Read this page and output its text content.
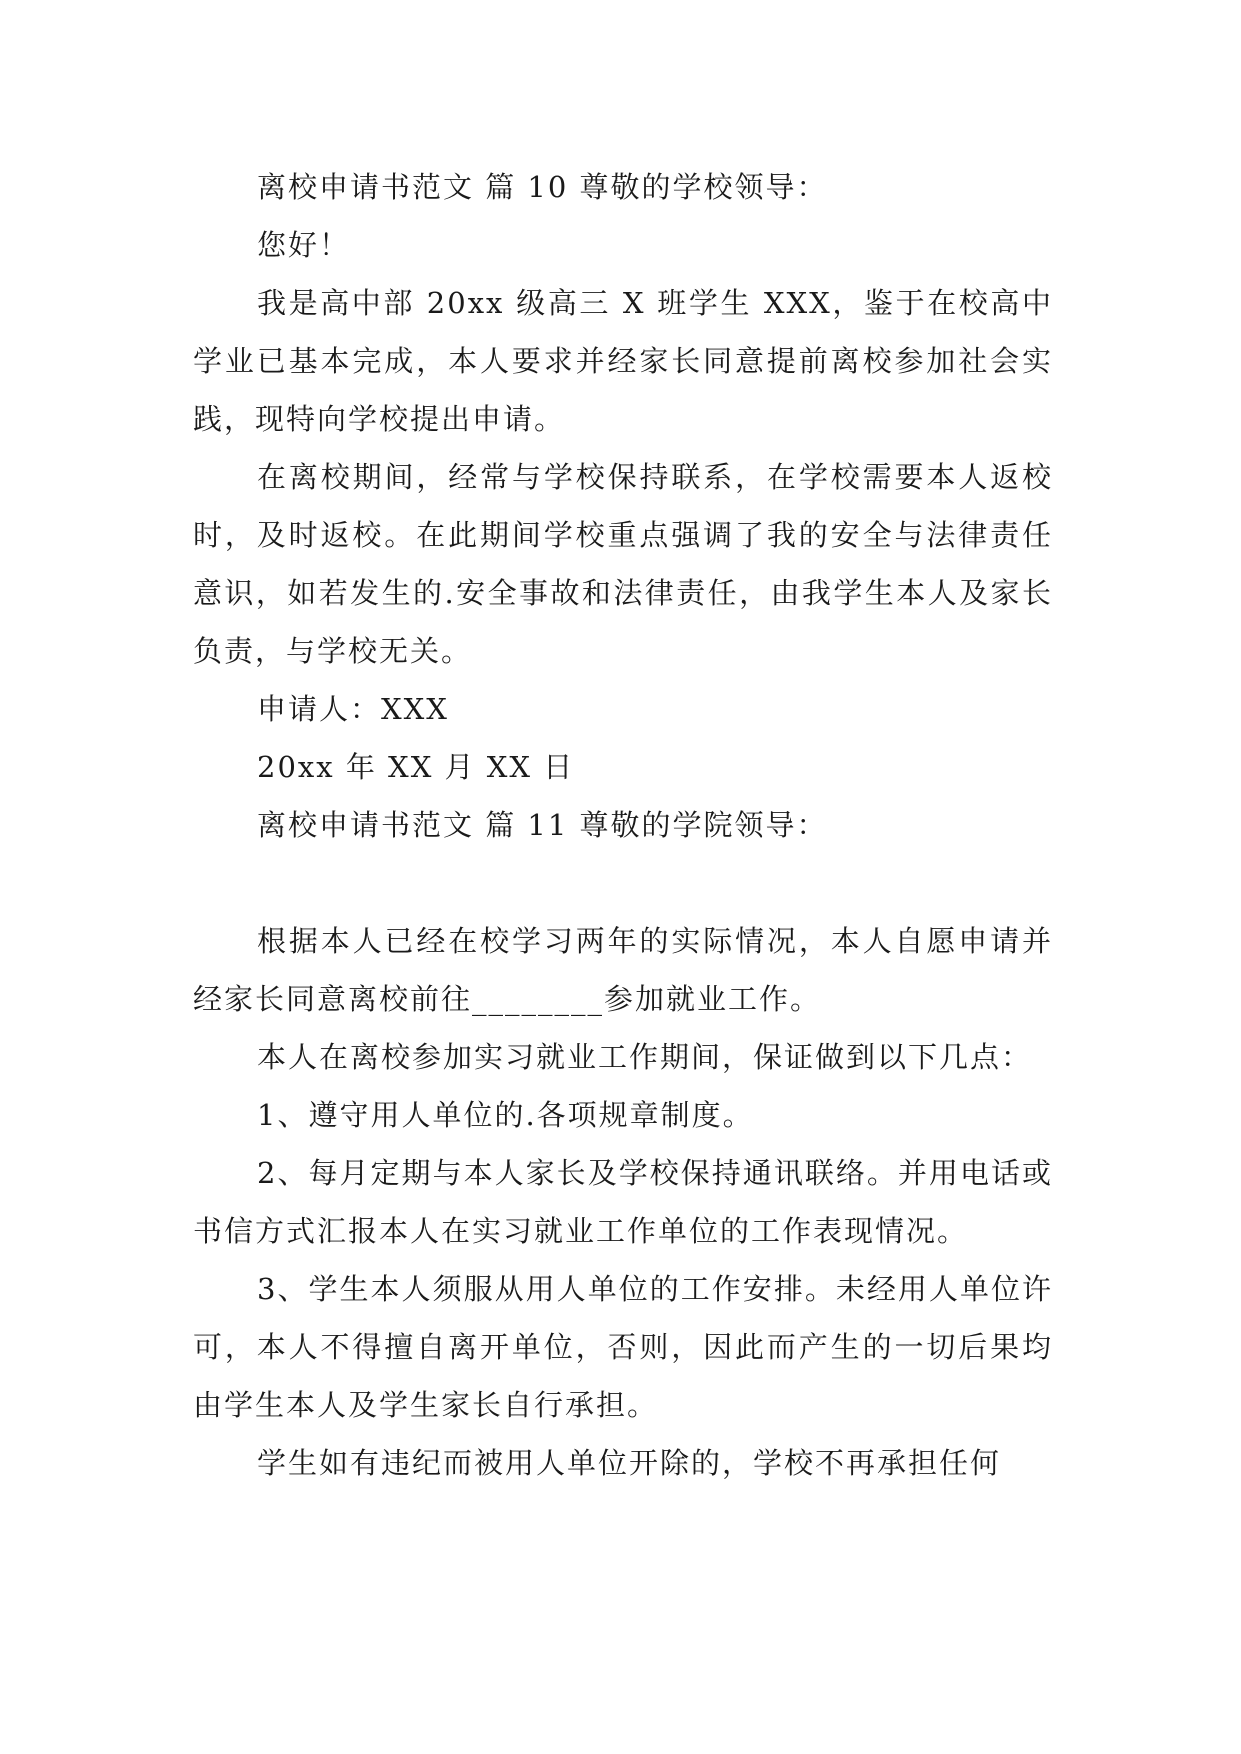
离校申请书范文 篇 10 尊敬的学校领导：

您好！

我是高中部 20xx 级高三 X 班学生 XXX，鉴于在校高中学业已基本完成，本人要求并经家长同意提前离校参加社会实践，现特向学校提出申请。

在离校期间，经常与学校保持联系，在学校需要本人返校时，及时返校。在此期间学校重点强调了我的安全与法律责任意识，如若发生的.安全事故和法律责任，由我学生本人及家长负责，与学校无关。

申请人：XXX

20xx 年 XX 月 XX 日

离校申请书范文 篇 11 尊敬的学院领导：

根据本人已经在校学习两年的实际情况，本人自愿申请并经家长同意离校前往________参加就业工作。

本人在离校参加实习就业工作期间，保证做到以下几点：

1、遵守用人单位的.各项规章制度。

2、每月定期与本人家长及学校保持通讯联络。并用电话或书信方式汇报本人在实习就业工作单位的工作表现情况。

3、学生本人须服从用人单位的工作安排。未经用人单位许可，本人不得擅自离开单位，否则，因此而产生的一切后果均由学生本人及学生家长自行承担。

学生如有违纪而被用人单位开除的，学校不再承担任何
